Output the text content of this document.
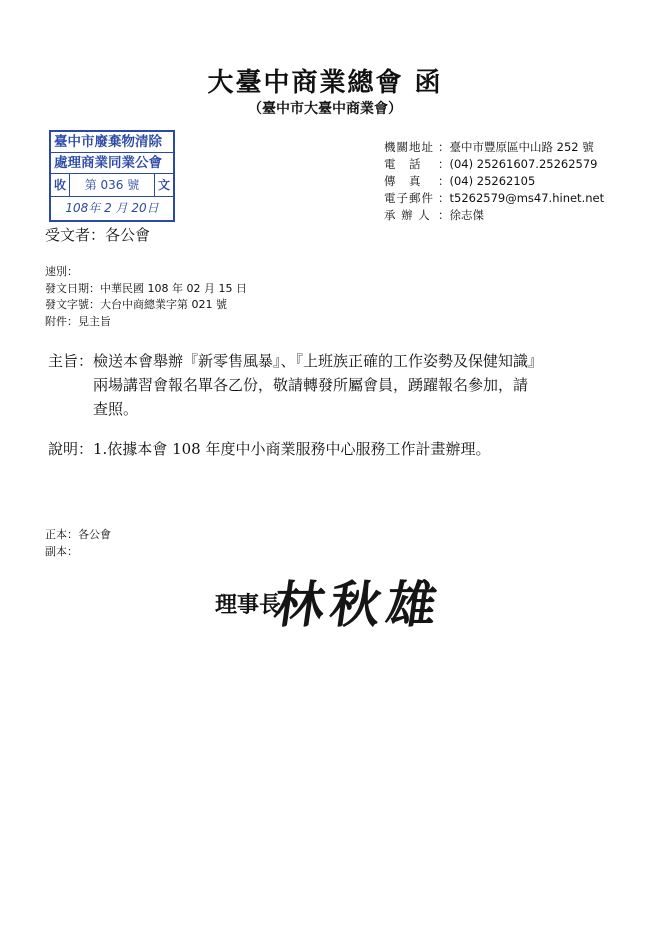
大臺中商業總會 函
（臺中市大臺中商業會）
臺中市廢棄物清除
處理商業同業公會
收	第 036 號	文
108年 2 月 20日
機關地址 ：臺中市豐原區中山路 252 號
電　話	：(04) 25261607.25262579
傳　真	：(04) 25262105
電子郵件 ：t5262579@ms47.hinet.net
承 辦 人 ：徐志傑
受文者：各公會
速別：
發文日期：中華民國 108 年 02 月 15 日
發文字號：大台中商總業字第 021 號
附件：見主旨
主旨：檢送本會舉辦『新零售風暴』、『上班族正確的工作姿勢及保健知識』
兩場講習會報名單各乙份，敬請轉發所屬會員，踴躍報名參加，請
查照。
說明：1.依據本會 108 年度中小商業服務中心服務工作計畫辦理。
正本：各公會
副本：
理事長
林秋雄
